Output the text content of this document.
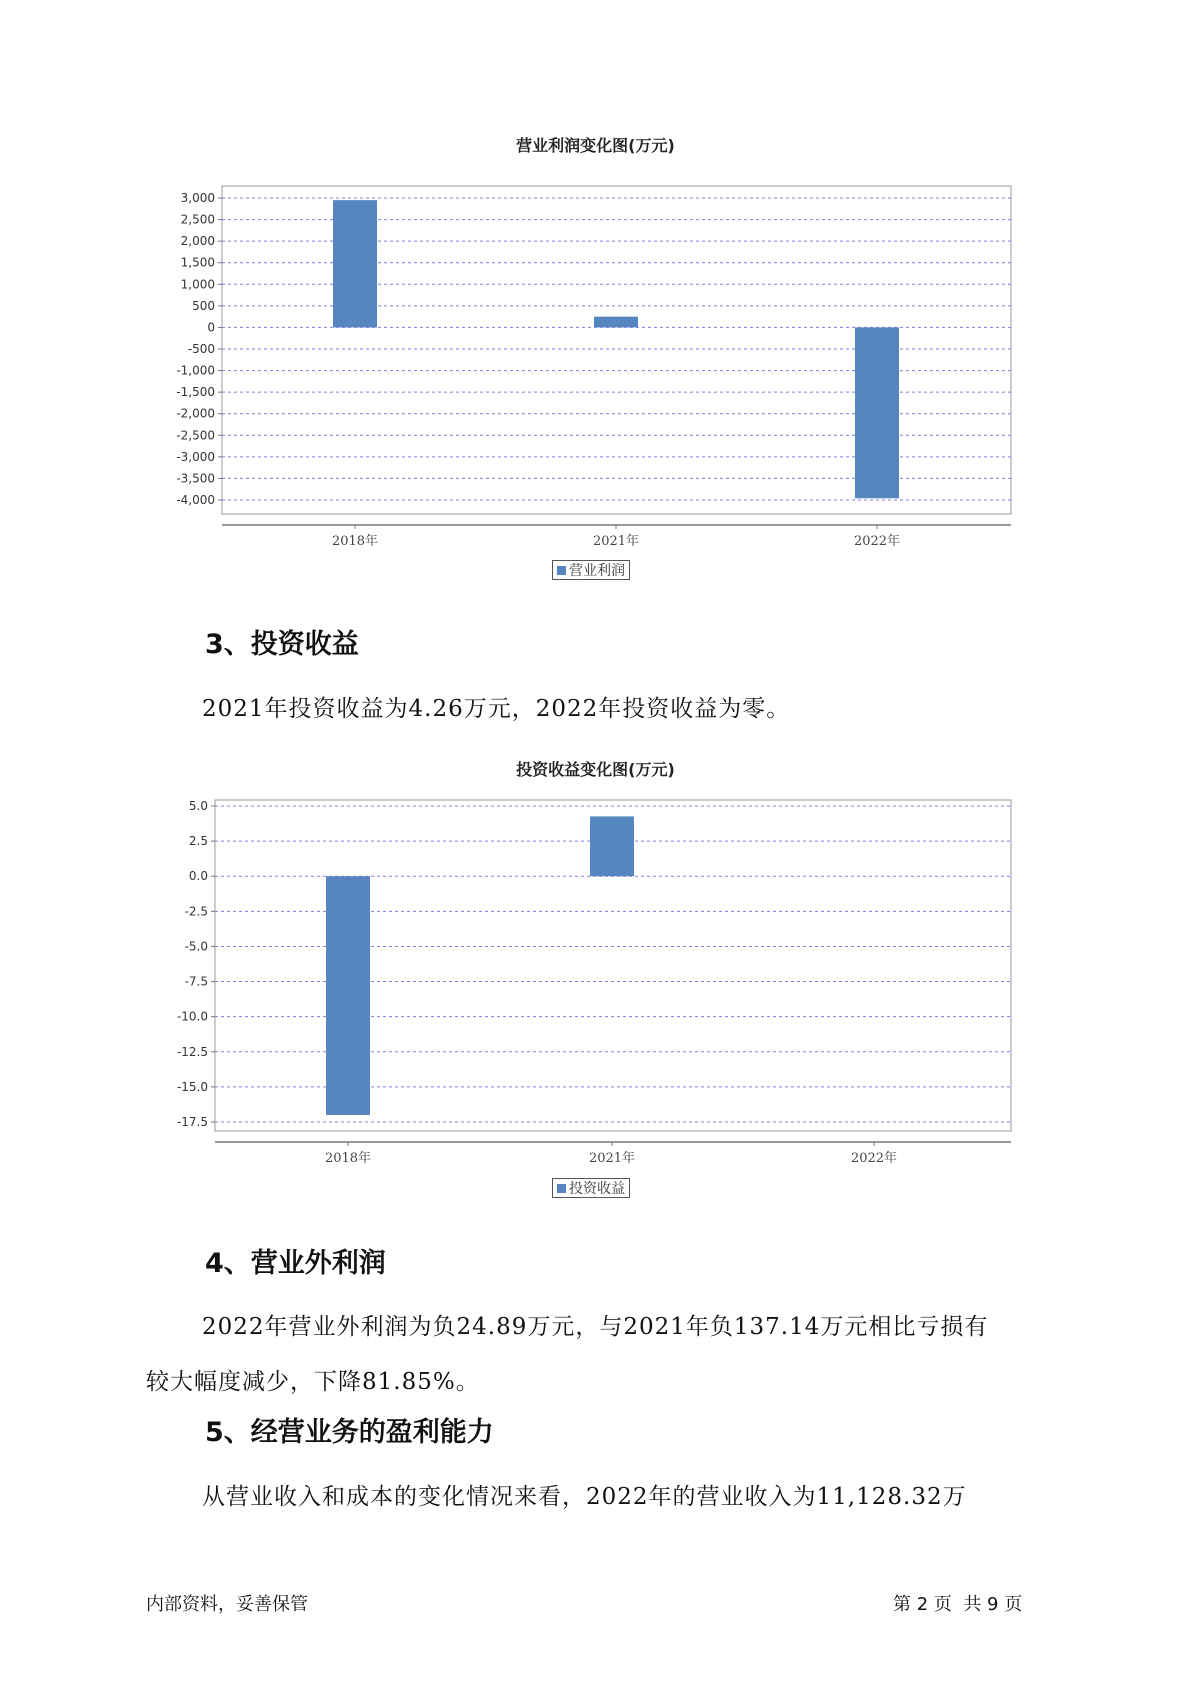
营业利润变化图(万元)
3,000
2,500
2,000
1,500
1,000
500
0
-500
-1,000
-1,500
-2,000
-2,500
-3,000
-3,500
-4,000
2018年	2021年	2022年
营业利润
3、投资收益

2021年投资收益为4.26万元，2022年投资收益为零。

投资收益变化图(万元)
5.0
2.5
0.0
-2.5
-5.0
-7.5
-10.0
-12.5
-15.0
-17.5
2018年	2021年	2022年
投资收益
4、营业外利润

2022年营业外利润为负24.89万元，与2021年负137.14万元相比亏损有

较大幅度减少，下降81.85%。

5、经营业务的盈利能力

从营业收入和成本的变化情况来看，2022年的营业收入为11,128.32万

内部资料，妥善保管	第 2 页  共 9 页
